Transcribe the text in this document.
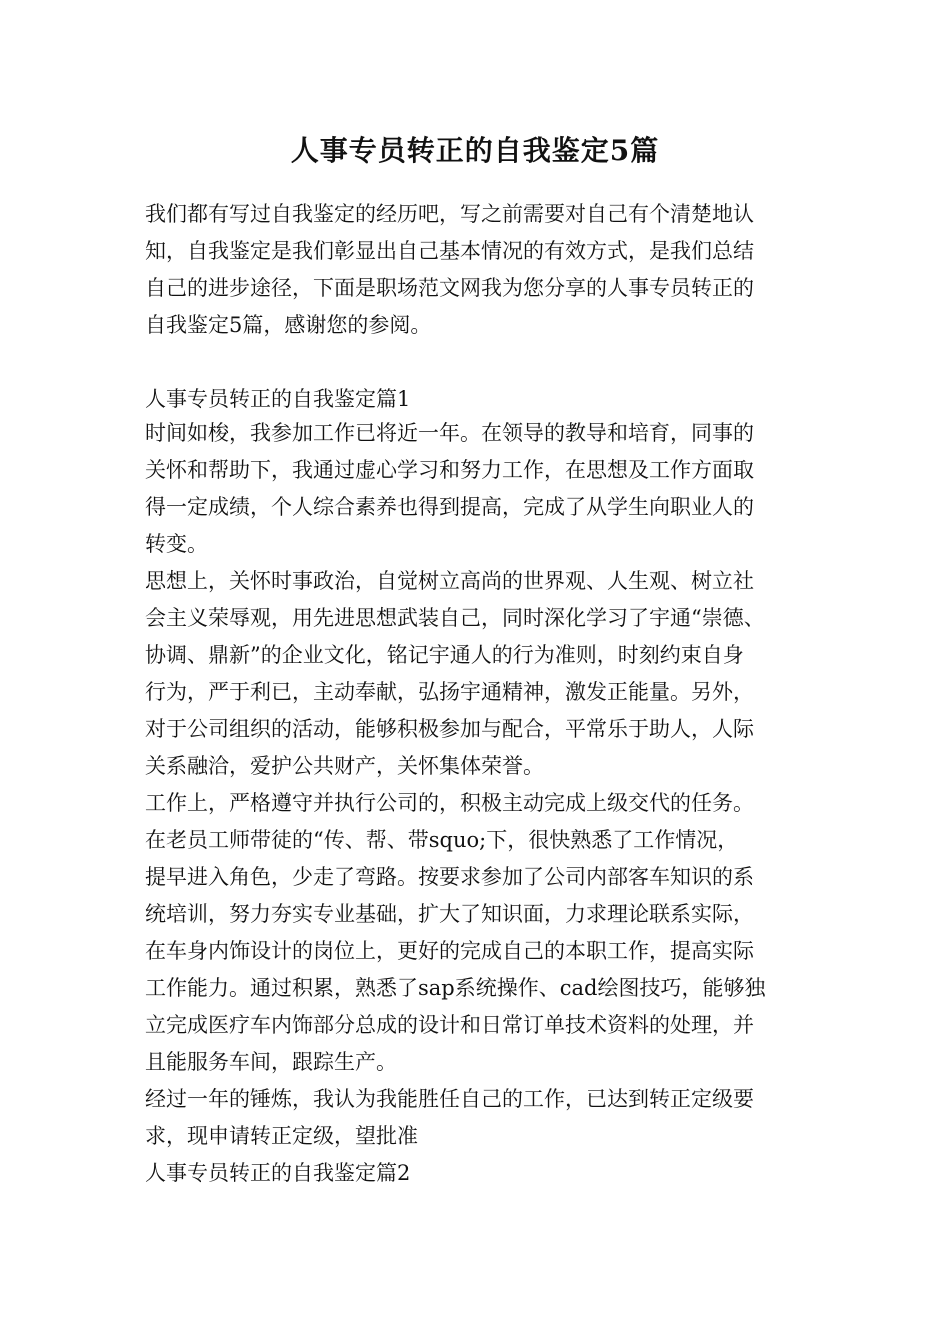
人事专员转正的自我鉴定5篇

我们都有写过自我鉴定的经历吧，写之前需要对自己有个清楚地认

知，自我鉴定是我们彰显出自己基本情况的有效方式，是我们总结

自己的进步途径，下面是职场范文网我为您分享的人事专员转正的

自我鉴定5篇，感谢您的参阅。

人事专员转正的自我鉴定篇1

时间如梭，我参加工作已将近一年。在领导的教导和培育，同事的

关怀和帮助下，我通过虚心学习和努力工作，在思想及工作方面取

得一定成绩，个人综合素养也得到提高，完成了从学生向职业人的

转变。

思想上，关怀时事政治，自觉树立高尚的世界观、人生观、树立社

会主义荣辱观，用先进思想武装自己，同时深化学习了宇通“崇德、

协调、鼎新”的企业文化，铭记宇通人的行为准则，时刻约束自身

行为，严于利已，主动奉献，弘扬宇通精神，激发正能量。另外，

对于公司组织的活动，能够积极参加与配合，平常乐于助人，人际

关系融洽，爱护公共财产，关怀集体荣誉。

工作上，严格遵守并执行公司的，积极主动完成上级交代的任务。

在老员工师带徒的“传、帮、带squo;下，很快熟悉了工作情况，

提早进入角色，少走了弯路。按要求参加了公司内部客车知识的系

统培训，努力夯实专业基础，扩大了知识面，力求理论联系实际，

在车身内饰设计的岗位上，更好的完成自己的本职工作，提高实际

工作能力。通过积累，熟悉了sap系统操作、cad绘图技巧，能够独

立完成医疗车内饰部分总成的设计和日常订单技术资料的处理，并

且能服务车间，跟踪生产。

经过一年的锤炼，我认为我能胜任自己的工作，已达到转正定级要

求，现申请转正定级，望批准

人事专员转正的自我鉴定篇2
